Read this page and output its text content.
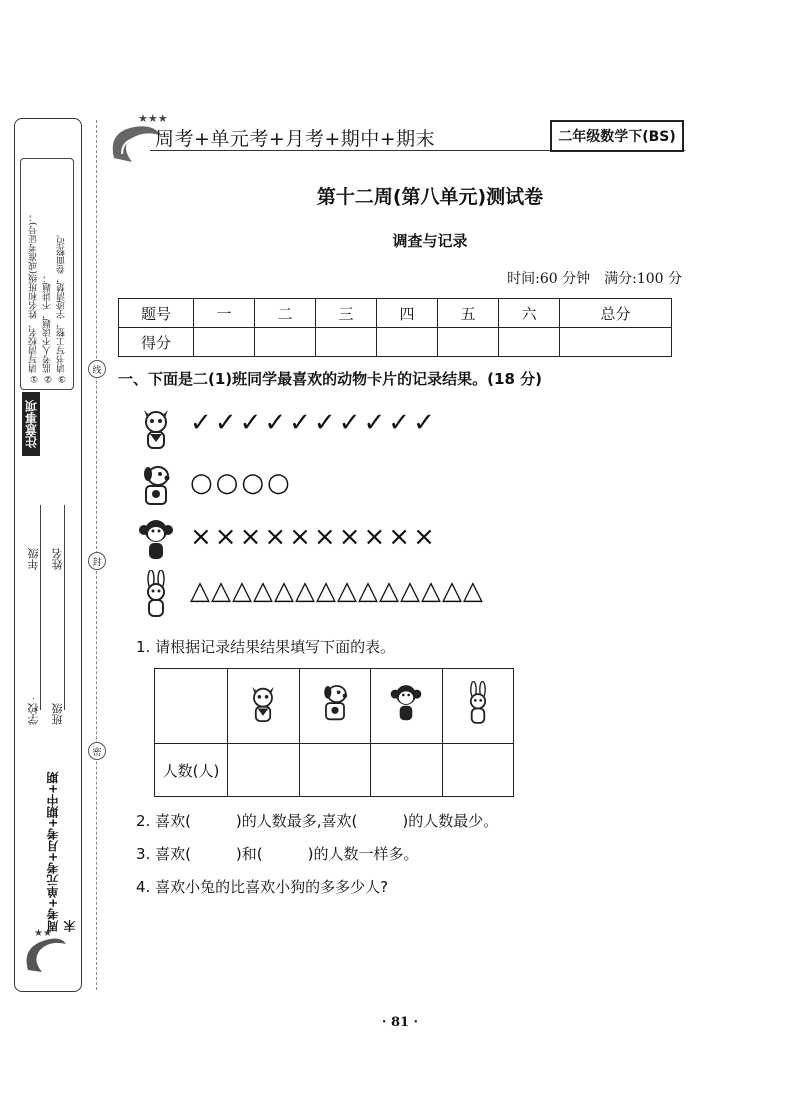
①请写清校名、姓名和班级(或准考证号)； ②监考人不读题，不讲题； ③请书写工整，字迹清楚，卷面整洁。
注意事项
学校 班级
年级 姓名
线
封
密
周考+单元考+月考+期中+期末
★★
★★★
周考+单元考+月考+期中+期末	二年级数学下(BS)
第十二周(第八单元)测试卷
调查与记录
时间:60 分钟　满分:100 分
题号	一	二	三	四	五	六	总分
得分							
一、下面是二(1)班同学最喜欢的动物卡片的记录结果。(18 分)
✓✓✓✓✓✓✓✓✓✓
○○○○
××××××××××
△△△△△△△△△△△△△△
1. 请根据记录结果结果填写下面的表。

人数(人)				
2. 喜欢(　　　)的人数最多,喜欢(　　　)的人数最少。
3. 喜欢(　　　)和(　　　)的人数一样多。
4. 喜欢小兔的比喜欢小狗的多多少人?
· 81 ·
